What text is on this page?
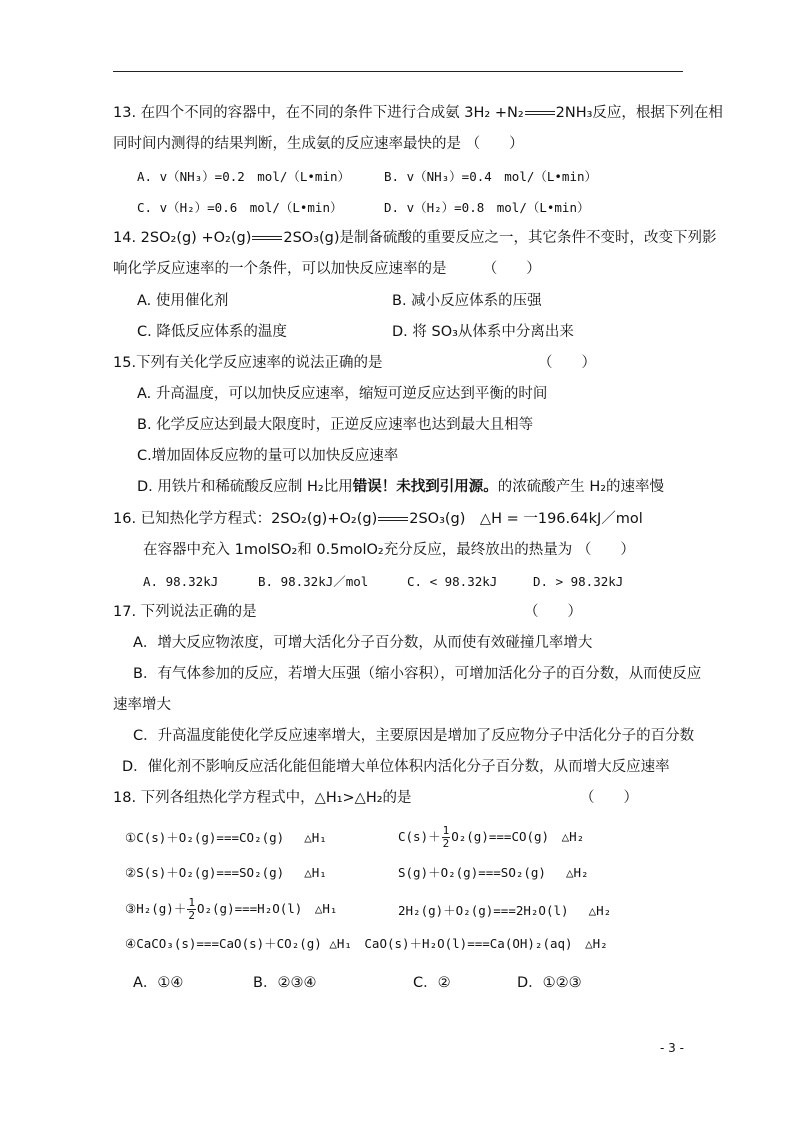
13. 在四个不同的容器中，在不同的条件下进行合成氨 3H₂ +N₂ 2NH₃反应，根据下列在相
同时间内测得的结果判断，生成氨的反应速率最快的是 （　　）
A. v（NH₃）=0.2　mol/（L•min）	B. v（NH₃）=0.4　mol/（L•min）
C. v（H₂）=0.6　mol/（L•min）	D. v（H₂）=0.8　mol/（L•min）
14. 2SO₂(g) +O₂(g) 2SO₃(g)是制备硫酸的重要反应之一，其它条件不变时，改变下列影
响化学反应速率的一个条件，可以加快反应速率的是　　　（　　）
A. 使用催化剂	B. 减小反应体系的压强
C. 降低反应体系的温度	D. 将 SO₃从体系中分离出来
15.下列有关化学反应速率的说法正确的是	（　　）
A. 升高温度，可以加快反应速率，缩短可逆反应达到平衡的时间
B. 化学反应达到最大限度时，正逆反应速率也达到最大且相等
C.增加固体反应物的量可以加快反应速率
D. 用铁片和稀硫酸反应制 H₂比用错误！未找到引用源。的浓硫酸产生 H₂的速率慢
16. 已知热化学方程式：2SO₂(g)+O₂(g) 2SO₃(g)　△H = 一196.64kJ／mol
在容器中充入 1molSO₂和 0.5molO₂充分反应，最终放出的热量为 （　　）
A. 98.32kJ	B. 98.32kJ／mol	C. < 98.32kJ	D. > 98.32kJ
17. 下列说法正确的是	（　　）
A．增大反应物浓度，可增大活化分子百分数，从而使有效碰撞几率增大
B．有气体参加的反应，若增大压强（缩小容积），可增加活化分子的百分数，从而使反应
速率增大
C．升高温度能使化学反应速率增大，主要原因是增加了反应物分子中活化分子的百分数
D．催化剂不影响反应活化能但能增大单位体积内活化分子百分数，从而增大反应速率
18. 下列各组热化学方程式中，△H₁>△H₂的是	（　　）
①C(s)＋O₂(g)===CO₂(g)　 △H₁	$C(s)+ \frac{1}{2} O_2(g)===CO(g)$　△H₂
②S(s)＋O₂(g)===SO₂(g)　 △H₁	S(g)＋O₂(g)===SO₂(g)　 △H₂
③H₂(g)＋ $\frac{1}{2} O_2(g)===H_2O(l)$　△H₁	2H₂(g)＋O₂(g)===2H₂O(l)　 △H₂
④CaCO₃(s)===CaO(s)＋CO₂(g) △H₁　CaO(s)＋H₂O(l)===Ca(OH)₂(aq)　△H₂
A．①④	B．②③④	C．②	D．①②③
- 3 -
